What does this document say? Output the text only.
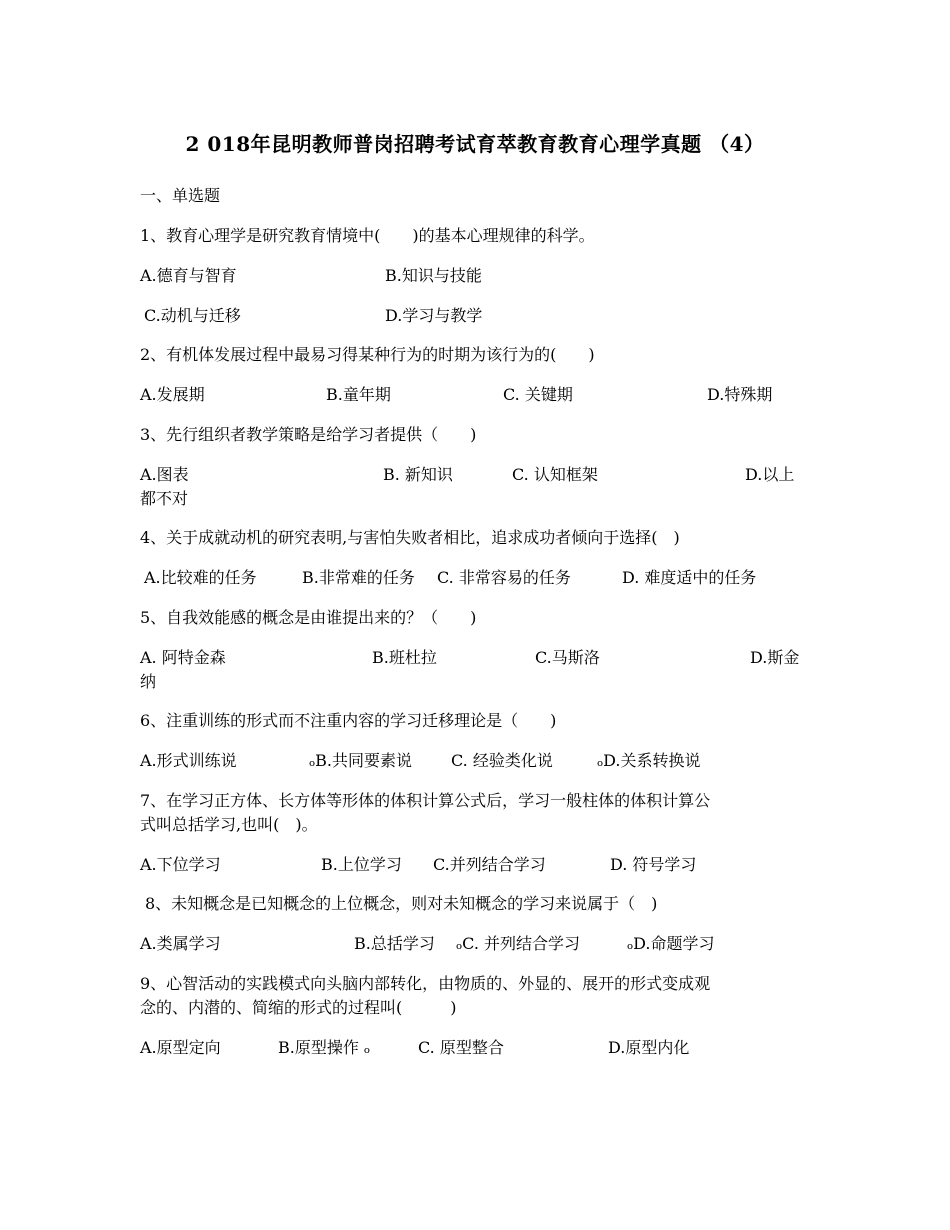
2 018年昆明教师普岗招聘考试育萃教育教育心理学真题 （4）
一、单选题
1、教育心理学是研究教育情境中(　　)的基本心理规律的科学。
A.德育与智育	B.知识与技能
C.动机与迁移	D.学习与教学
2、有机体发展过程中最易习得某种行为的时期为该行为的(　　)
A.发展期	B.童年期	C. 关键期	D.特殊期
3、先行组织者教学策略是给学习者提供（　　)
A.图表	B. 新知识	C. 认知框架	D.以上
都不对
4、关于成就动机的研究表明,与害怕失败者相比，追求成功者倾向于选择(　)
A.比较难的任务	B.非常难的任务 C. 非常容易的任务	D. 难度适中的任务
5、自我效能感的概念是由谁提出来的？（　　)
A. 阿特金森	B.班杜拉	C.马斯洛	D.斯金
纳
6、注重训练的形式而不注重内容的学习迁移理论是（　　)
A.形式训练说	ₒB.共同要素说 C. 经验类化说	ₒD.关系转换说
7、在学习正方体、长方体等形体的体积计算公式后，学习一般柱体的体积计算公
式叫总括学习,也叫(　)。
A.下位学习	B.上位学习 C.并列结合学习	D. 符号学习
8、未知概念是已知概念的上位概念，则对未知概念的学习来说属于（　)
A.类属学习	B.总括学习 ₒC. 并列结合学习	ₒD.命题学习
9、心智活动的实践模式向头脑内部转化，由物质的、外显的、展开的形式变成观
念的、内潜的、简缩的形式的过程叫(　　　)
A.原型定向	B.原型操作 ₒ	C. 原型整合	D.原型内化
